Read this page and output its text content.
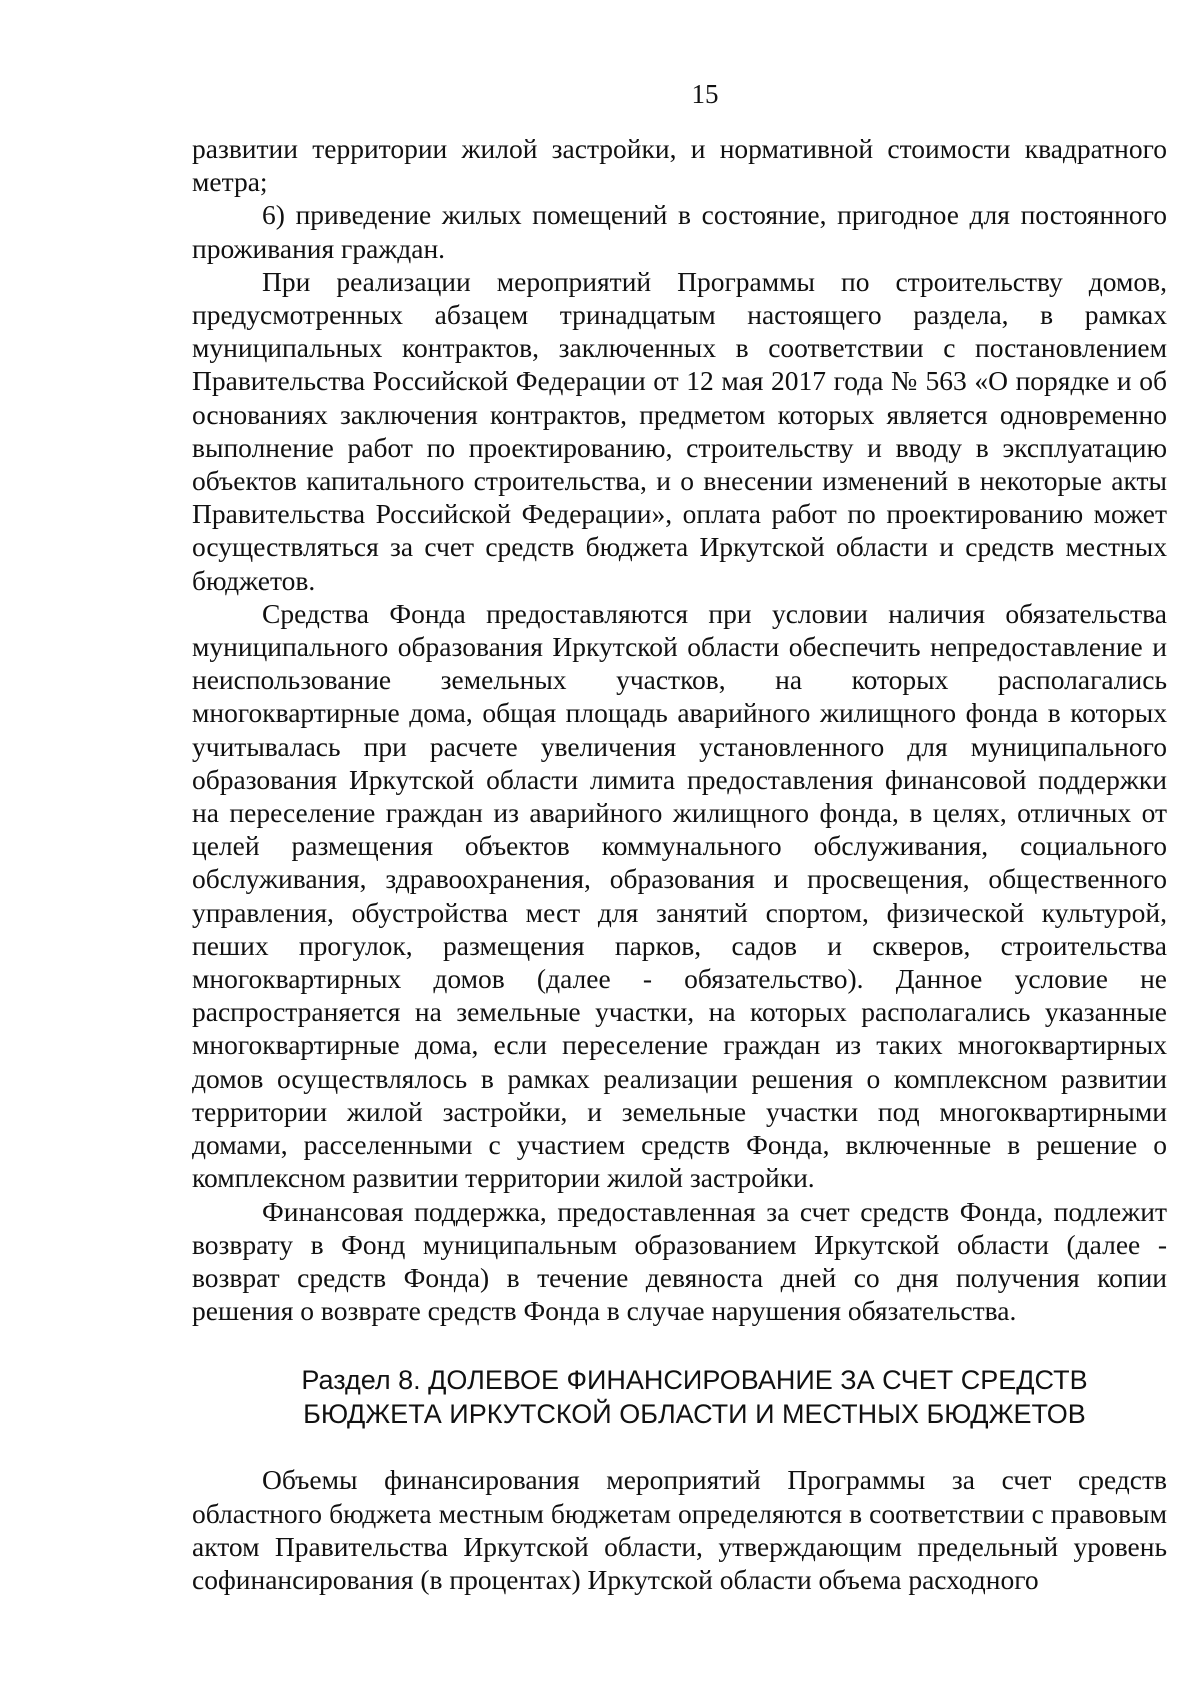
15

развитии территории жилой застройки, и нормативной стоимости квадратного метра;

6) приведение жилых помещений в состояние, пригодное для постоянного проживания граждан.

При реализации мероприятий Программы по строительству домов, предусмотренных абзацем тринадцатым настоящего раздела, в рамках муниципальных контрактов, заключенных в соответствии с постановлением Правительства Российской Федерации от 12 мая 2017 года № 563 «О порядке и об основаниях заключения контрактов, предметом которых является одновременно выполнение работ по проектированию, строительству и вводу в эксплуатацию объектов капитального строительства, и о внесении изменений в некоторые акты Правительства Российской Федерации», оплата работ по проектированию может осуществляться за счет средств бюджета Иркутской области и средств местных бюджетов.

Средства Фонда предоставляются при условии наличия обязательства муниципального образования Иркутской области обеспечить непредоставление и неиспользование земельных участков, на которых располагались многоквартирные дома, общая площадь аварийного жилищного фонда в которых учитывалась при расчете увеличения установленного для муниципального образования Иркутской области лимита предоставления финансовой поддержки на переселение граждан из аварийного жилищного фонда, в целях, отличных от целей размещения объектов коммунального обслуживания, социального обслуживания, здравоохранения, образования и просвещения, общественного управления, обустройства мест для занятий спортом, физической культурой, пеших прогулок, размещения парков, садов и скверов, строительства многоквартирных домов (далее - обязательство). Данное условие не распространяется на земельные участки, на которых располагались указанные многоквартирные дома, если переселение граждан из таких многоквартирных домов осуществлялось в рамках реализации решения о комплексном развитии территории жилой застройки, и земельные участки под многоквартирными домами, расселенными с участием средств Фонда, включенные в решение о комплексном развитии территории жилой застройки.

Финансовая поддержка, предоставленная за счет средств Фонда, подлежит возврату в Фонд муниципальным образованием Иркутской области (далее - возврат средств Фонда) в течение девяноста дней со дня получения копии решения о возврате средств Фонда в случае нарушения обязательства.

Раздел 8. ДОЛЕВОЕ ФИНАНСИРОВАНИЕ ЗА СЧЕТ СРЕДСТВ
БЮДЖЕТА ИРКУТСКОЙ ОБЛАСТИ И МЕСТНЫХ БЮДЖЕТОВ

Объемы финансирования мероприятий Программы за счет средств областного бюджета местным бюджетам определяются в соответствии с правовым актом Правительства Иркутской области, утверждающим предельный уровень софинансирования (в процентах) Иркутской области объема расходного
